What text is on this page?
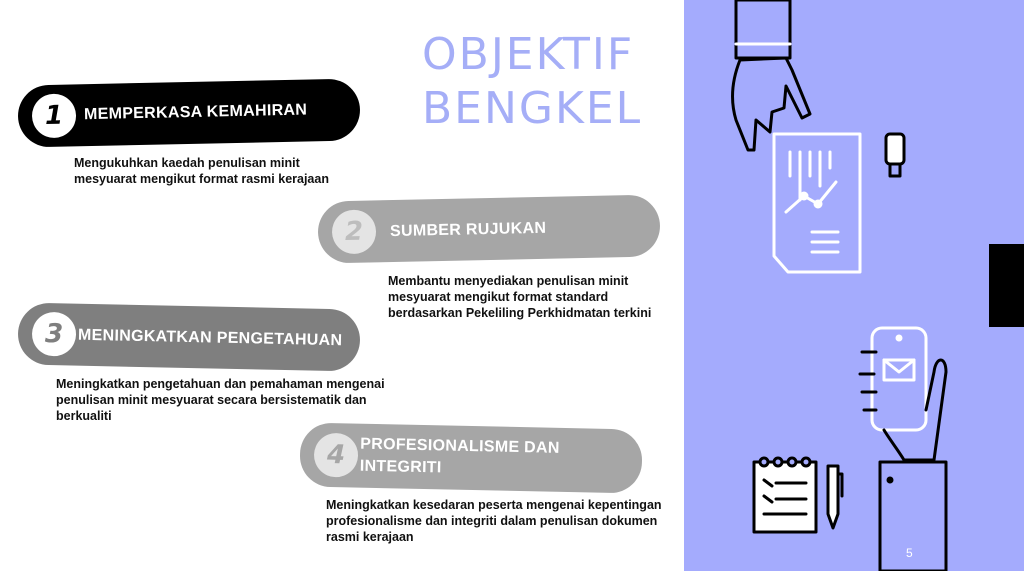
OBJEKTIF
BENGKEL
1	MEMPERKASA KEMAHIRAN
Mengukuhkan kaedah penulisan minit mesyuarat mengikut format rasmi kerajaan
2	SUMBER RUJUKAN
Membantu menyediakan penulisan minit mesyuarat mengikut format standard berdasarkan Pekeliling Perkhidmatan terkini
3 MENINGKATKAN PENGETAHUAN
Meningkatkan pengetahuan dan pemahaman mengenai penulisan minit mesyuarat secara bersistematik dan berkualiti
4 PROFESIONALISME DAN INTEGRITI
Meningkatkan kesedaran peserta mengenai kepentingan profesionalisme dan integriti dalam penulisan dokumen rasmi kerajaan
5
